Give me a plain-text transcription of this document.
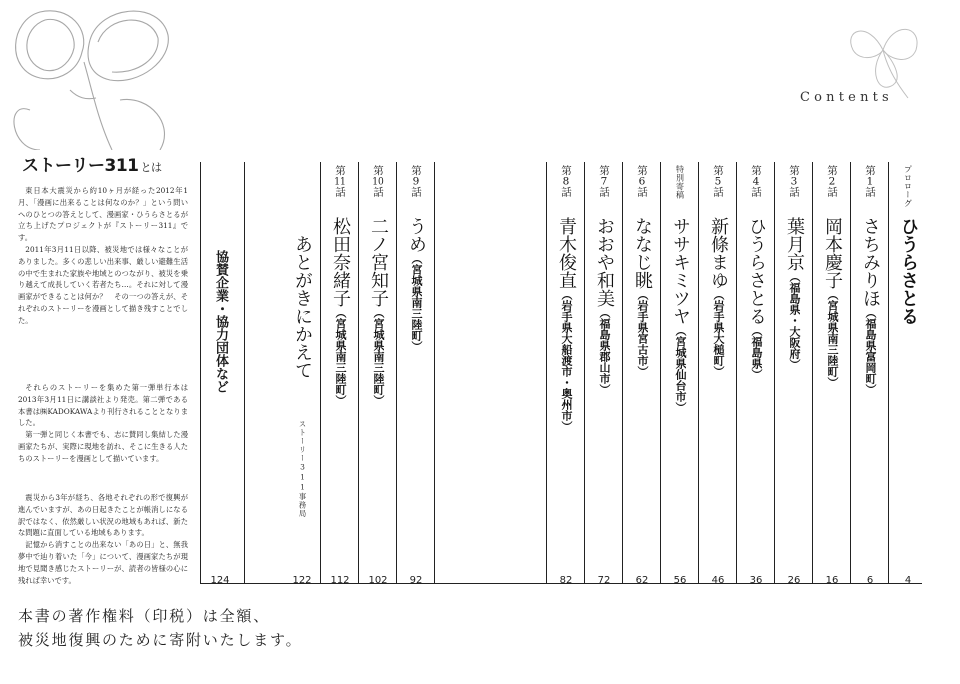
Contents
ストーリー311 とは
東日本大震災から約10ヶ月が経った2012年1月、「漫画に出来ることは何なのか？」という問いへのひとつの答えとして、漫画家・ひうらさとるが立ち上げたプロジェクトが『ストーリー311』です。
2011年3月11日以降、被災地では様々なことがありました。多くの悲しい出来事、厳しい避難生活の中で生まれた家族や地域とのつながり、被災を乗り越えて成長していく若者たち…。それに対して漫画家ができることは何か？　その一つの答えが、それぞれのストーリーを漫画として描き残すことでした。
それらのストーリーを集めた第一弾単行本は2013年3月11日に講談社より発売。第二弾である本書は㈱KADOKAWAより刊行されることとなりました。
第一弾と同じく本書でも、志に賛同し集結した漫画家たちが、実際に現地を訪れ、そこに生きる人たちのストーリーを漫画として描いています。
震災から3年が経ち、各地それぞれの形で復興が進んでいますが、あの日起きたことが帳消しになる訳ではなく、依然厳しい状況の地域もあれば、新たな問題に直面している地域もあります。
記憶から消すことの出来ない「あの日」と、無我夢中で辿り着いた「今」について、漫画家たちが現地で見聞き感じたストーリーが、読者の皆様の心に残れば幸いです。
プロローグ
ひうらさとる
4
第1話
さちみりほ（福島県富岡町）
6
第2話
岡本慶子（宮城県南三陸町）
16
第3話
葉月京（福島県・大阪府）
26
第4話
ひうらさとる（福島県）
36
第5話
新條まゆ（岩手県大槌町）
46
特別寄稿
ササキミツヤ（宮城県仙台市）
56
第6話
ななじ眺（岩手県宮古市）
62
第7話
おおや和美（福島県郡山市）
72
第8話
青木俊直（岩手県大船渡市・奥州市）
82
第9話
うめ（宮城県南三陸町）
92
第10話
二ノ宮知子（宮城県南三陸町）
102
第11話
松田奈緒子（宮城県南三陸町）
112
あとがきにかえて
ストーリー311事務局
122
協賛企業・協力団体など
124
本書の著作権料（印税）は全額、
被災地復興のために寄附いたします。
